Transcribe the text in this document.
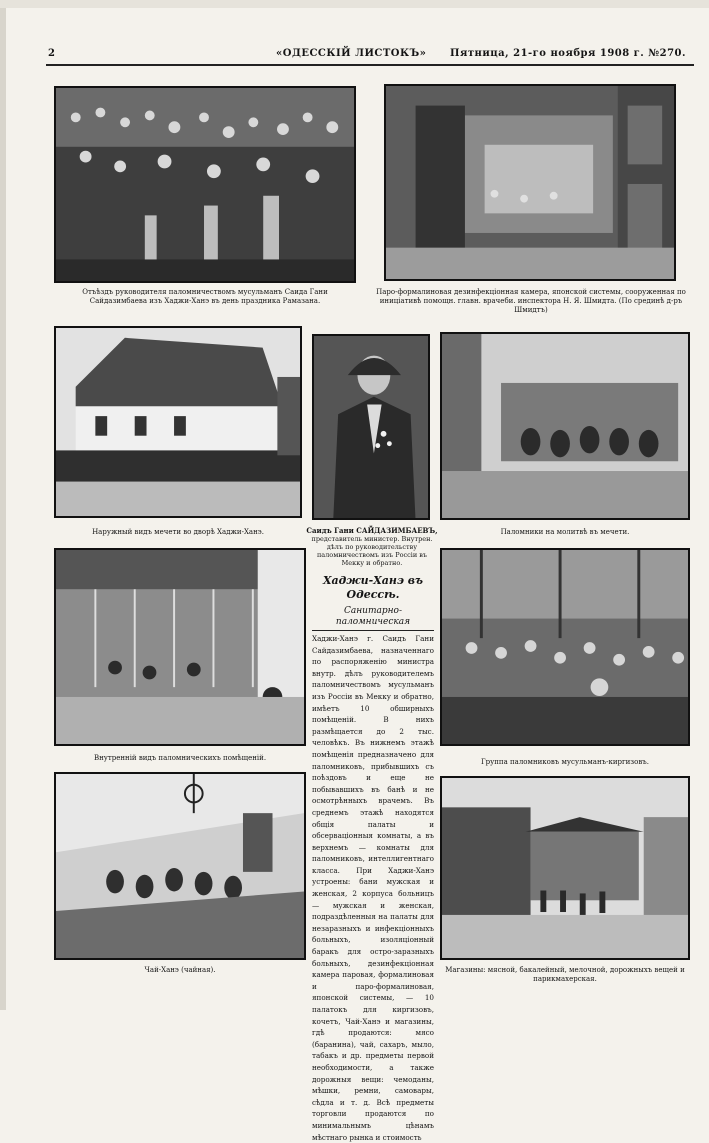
2	«ОДЕССКІЙ ЛИСТОКЪ» Пятница, 21-го ноября 1908 г. №270.
Отъѣздъ руководителя паломничествомъ мусульманъ Саида Гани Сайдазимбаева изъ Хаджи-Ханэ въ день праздника Рамазана.
Паро-формалиновая дезинфекціонная камера, японской системы, сооруженная по иниціативѣ помощн. главн. врачеби. инспектора Н. Я. Шмидта. (По срединѣ д-ръ Шмидтъ)
Наружный видъ мечети во дворѣ Хаджи-Ханэ.	Саидъ Гани САЙДАЗИМБАЕВЪ,
представитель министер. Внутрен. дѣлъ по руководительству паломничествомъ изъ Россіи въ Мекку и обратно.
Паломники на молитвѣ въ мечети.
Внутренній видъ паломническихъ помѣщеній.
Хаджи-Ханэ въ Одессѣ.
Санитарно-паломническая
Хаджи-Ханэ г. Саидъ Гани Сайдазимбаева, назначеннаго по распоряженію министра внутр. дѣлъ руководителемъ паломничествомъ мусульманъ изъ Россіи въ Мекку и обратно, имѣетъ 10 обширныхъ помѣщеній. В нихъ размѣщается до 2 тыс. человѣкъ. Въ нижнемъ этажѣ помѣщенія предназначено для паломниковъ, прибывшихъ съ поѣздовъ и еще не побывавшихъ въ банѣ и не осмотрѣнныхъ врачемъ. Въ среднемъ этажѣ находятся общія палаты и обсерваціонныя комнаты, а въ верхнемъ — комнаты для паломниковъ, интеллигентнаго класса. При Хаджи-Ханэ устроены: бани мужская и женская, 2 корпуса больницъ — мужская и женская, подраздѣленныя на палаты для незаразныхъ и инфекціонныхъ больныхъ, изоляціонный баракъ для остро-заразныхъ больныхъ, дезинфекціонная камера паровая, формалиновая и паро-формалиновая, японской системы, — 10 палатокъ для киргизовъ, кочетъ, Чай-Ханэ и магазины, гдѣ продаются: мясо (баранина), чай, сахаръ, мыло, табакъ и др. предметы первой необходимости, а также дорожныя вещи: чемоданы, мѣшки, ремни, самовары, сѣдла и т. д. Всѣ предметы торговли продаются по минимальнымъ цѣнамъ мѣстнаго рынка и стоимость
Группа паломниковъ мусульманъ-киргизовъ.
Чай-Ханэ (чайная).	Магазины: мясной, бакалейный, мелочной, дорожныхъ вещей и парикмахерская.
